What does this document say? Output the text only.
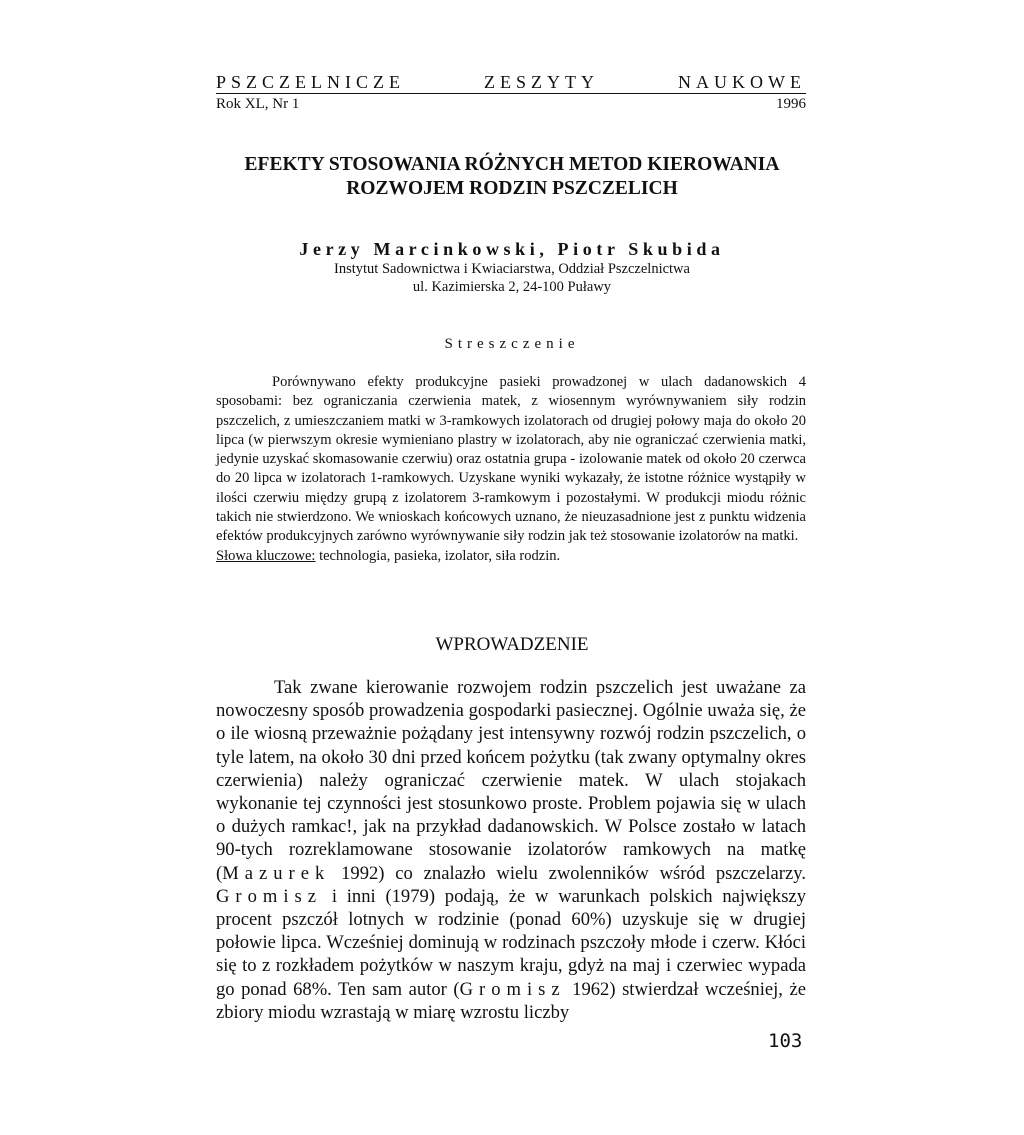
PSZCZELNICZE	ZESZYTY	NAUKOWE
Rok XL, Nr 1	1996
EFEKTY STOSOWANIA RÓŻNYCH METOD KIEROWANIA
ROZWOJEM RODZIN PSZCZELICH
Jerzy Marcinkowski, Piotr Skubida
Instytut Sadownictwa i Kwiaciarstwa, Oddział Pszczelnictwa
ul. Kazimierska 2, 24-100 Puławy
Streszczenie

Porównywano efekty produkcyjne pasieki prowadzonej w ulach dadanowskich 4 sposobami: bez ograniczania czerwienia matek, z wiosennym wyrównywaniem siły rodzin pszczelich, z umieszczaniem matki w 3-ramkowych izolatorach od drugiej połowy maja do około 20 lipca (w pierwszym okresie wymieniano plastry w izolatorach, aby nie ograniczać czerwienia matki, jedynie uzyskać skomasowanie czerwiu) oraz ostatnia grupa - izolowanie matek od około 20 czerwca do 20 lipca w izolatorach 1-ramkowych. Uzyskane wyniki wykazały, że istotne różnice wystąpiły w ilości czerwiu między grupą z izolatorem 3-ramkowym i pozostałymi. W produkcji miodu różnic takich nie stwierdzono. We wnioskach końcowych uznano, że nieuzasadnione jest z punktu widzenia efektów produkcyjnych zarówno wyrównywanie siły rodzin jak też stosowanie izolatorów na matki.
Słowa kluczowe: technologia, pasieka, izolator, siła rodzin.

WPROWADZENIE

Tak zwane kierowanie rozwojem rodzin pszczelich jest uważane za nowoczesny sposób prowadzenia gospodarki pasiecznej. Ogólnie uważa się, że o ile wiosną przeważnie pożądany jest intensywny rozwój rodzin pszczelich, o tyle latem, na około 30 dni przed końcem pożytku (tak zwany optymalny okres czerwienia) należy ograniczać czerwienie matek. W ulach stojakach wykonanie tej czynności jest stosunkowo proste. Problem pojawia się w ulach o dużych ramkac!, jak na przykład dadanowskich. W Polsce zostało w latach 90-tych rozreklamowane stosowanie izolatorów ramkowych na matkę (Mazurek 1992) co znalazło wielu zwolenników wśród pszczelarzy. Gromisz i inni (1979) podają, że w warunkach polskich największy procent pszczół lotnych w rodzinie (ponad 60%) uzyskuje się w drugiej połowie lipca. Wcześniej dominują w rodzinach pszczoły młode i czerw. Kłóci się to z rozkładem pożytków w naszym kraju, gdyż na maj i czerwiec wypada go ponad 68%. Ten sam autor (Gromisz 1962) stwierdzał wcześniej, że zbiory miodu wzrastają w miarę wzrostu liczby

103
